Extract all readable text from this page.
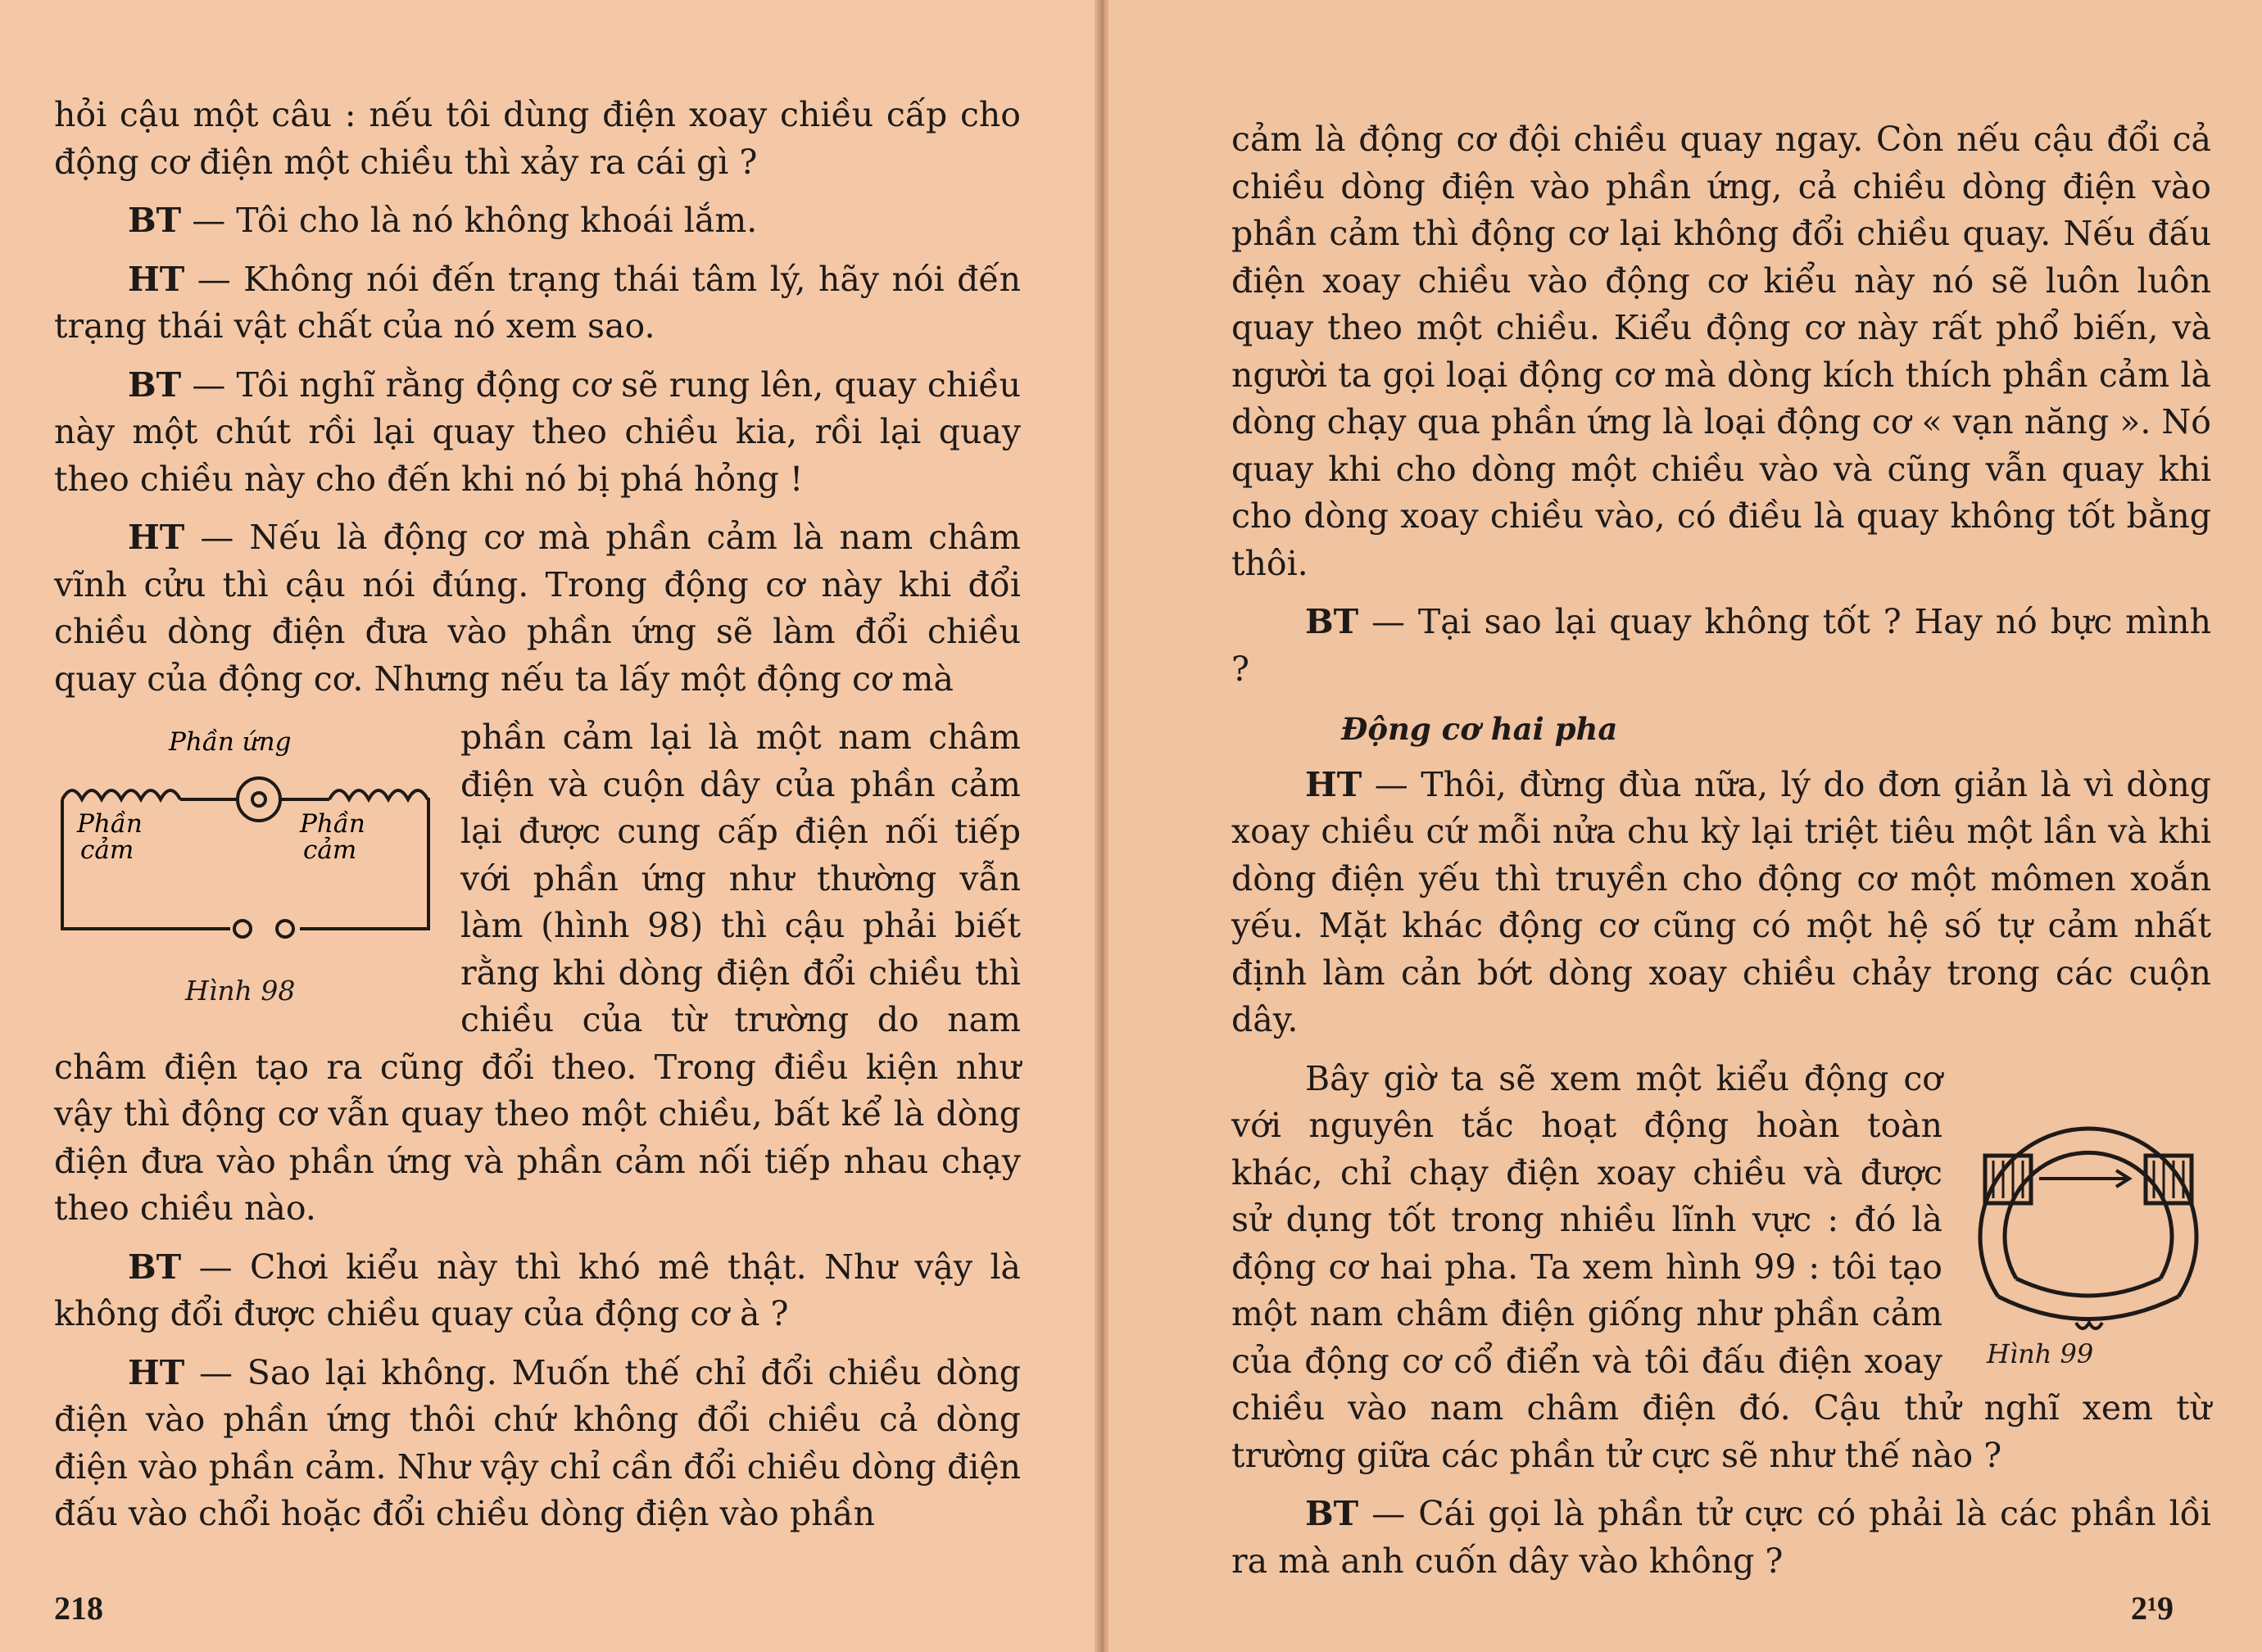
hỏi cậu một câu : nếu tôi dùng điện xoay chiều cấp cho động cơ điện một chiều thì xảy ra cái gì ?

BT — Tôi cho là nó không khoái lắm.

HT — Không nói đến trạng thái tâm lý, hãy nói đến trạng thái vật chất của nó xem sao.

BT — Tôi nghĩ rằng động cơ sẽ rung lên, quay chiều này một chút rồi lại quay theo chiều kia, rồi lại quay theo chiều này cho đến khi nó bị phá hỏng !

HT — Nếu là động cơ mà phần cảm là nam châm vĩnh cửu thì cậu nói đúng. Trong động cơ này khi đổi chiều dòng điện đưa vào phần ứng sẽ làm đổi chiều quay của động cơ. Nhưng nếu ta lấy một động cơ mà

Phần ứng
Phần
cảm
Phần
cảm
Hình 98

phần cảm lại là một nam châm điện và cuộn dây của phần cảm lại được cung cấp điện nối tiếp với phần ứng như thường vẫn làm (hình 98) thì cậu phải biết rằng khi dòng điện đổi chiều thì chiều của từ trường do nam châm điện tạo ra cũng đổi theo. Trong điều kiện như vậy thì động cơ vẫn quay theo một chiều, bất kể là dòng điện đưa vào phần ứng và phần cảm nối tiếp nhau chạy theo chiều nào.

BT — Chơi kiểu này thì khó mê thật. Như vậy là không đổi được chiều quay của động cơ à ?

HT — Sao lại không. Muốn thế chỉ đổi chiều dòng điện vào phần ứng thôi chứ không đổi chiều cả dòng điện vào phần cảm. Như vậy chỉ cần đổi chiều dòng điện đấu vào chổi hoặc đổi chiều dòng điện vào phần

218

cảm là động cơ đội chiều quay ngay. Còn nếu cậu đổi cả chiều dòng điện vào phần ứng, cả chiều dòng điện vào phần cảm thì động cơ lại không đổi chiều quay. Nếu đấu điện xoay chiều vào động cơ kiểu này nó sẽ luôn luôn quay theo một chiều. Kiểu động cơ này rất phổ biến, và người ta gọi loại động cơ mà dòng kích thích phần cảm là dòng chạy qua phần ứng là loại động cơ « vạn năng ». Nó quay khi cho dòng một chiều vào và cũng vẫn quay khi cho dòng xoay chiều vào, có điều là quay không tốt bằng thôi.

BT — Tại sao lại quay không tốt ? Hay nó bực mình ?

Động cơ hai pha

HT — Thôi, đừng đùa nữa, lý do đơn giản là vì dòng xoay chiều cứ mỗi nửa chu kỳ lại triệt tiêu một lần và khi dòng điện yếu thì truyền cho động cơ một mômen xoắn yếu. Mặt khác động cơ cũng có một hệ số tự cảm nhất định làm cản bớt dòng xoay chiều chảy trong các cuộn dây.

Hình 99

Bây giờ ta sẽ xem một kiểu động cơ với nguyên tắc hoạt động hoàn toàn khác, chỉ chạy điện xoay chiều và được sử dụng tốt trong nhiều lĩnh vực : đó là động cơ hai pha. Ta xem hình 99 : tôi tạo một nam châm điện giống như phần cảm của động cơ cổ điển và tôi đấu điện xoay chiều vào nam châm điện đó. Cậu thử nghĩ xem từ trường giữa các phần tử cực sẽ như thế nào ?

BT — Cái gọi là phần tử cực có phải là các phần lồi ra mà anh cuốn dây vào không ?

2¹9
